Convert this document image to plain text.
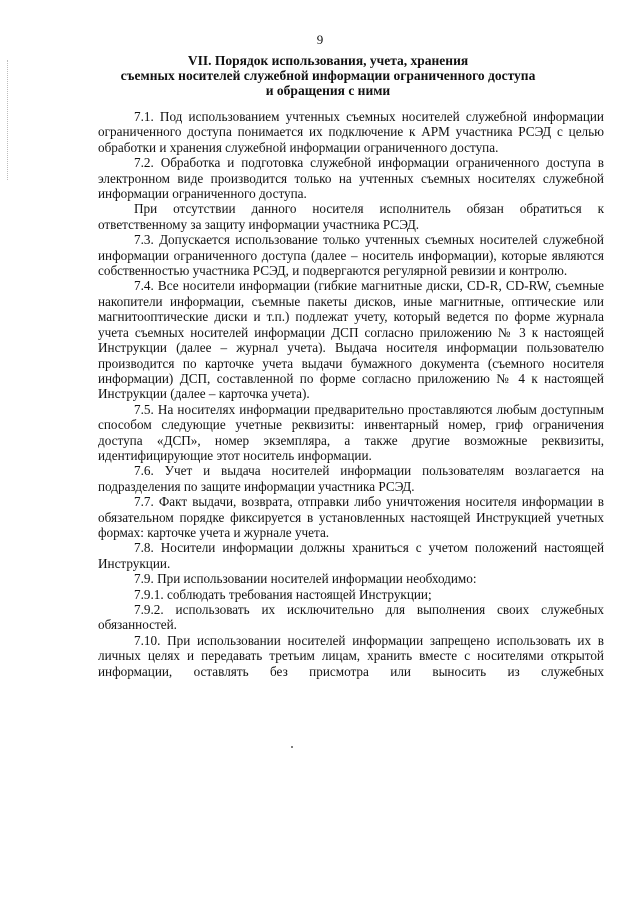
9
VII. Порядок использования, учета, хранения
съемных носителей служебной информации ограниченного доступа
и обращения с ними

7.1. Под использованием учтенных съемных носителей служебной информации ограниченного доступа понимается их подключение к АРМ участника РСЭД с целью обработки и хранения служебной информации ограниченного доступа.

7.2. Обработка и подготовка служебной информации ограниченного доступа в электронном виде производится только на учтенных съемных носителях служебной информации ограниченного доступа.

При отсутствии данного носителя исполнитель обязан обратиться к ответственному за защиту информации участника РСЭД.

7.3. Допускается использование только учтенных съемных носителей служебной информации ограниченного доступа (далее – носитель информации), которые являются собственностью участника РСЭД, и подвергаются регулярной ревизии и контролю.

7.4. Все носители информации (гибкие магнитные диски, CD-R, CD-RW, съемные накопители информации, съемные пакеты дисков, иные магнитные, оптические или магнитооптические диски и т.п.) подлежат учету, который ведется по форме журнала учета съемных носителей информации ДСП согласно приложению № 3 к настоящей Инструкции (далее – журнал учета). Выдача носителя информации пользователю производится по карточке учета выдачи бумажного документа (съемного носителя информации) ДСП, составленной по форме согласно приложению № 4 к настоящей Инструкции (далее – карточка учета).

7.5. На носителях информации предварительно проставляются любым доступным способом следующие учетные реквизиты: инвентарный номер, гриф ограничения доступа «ДСП», номер экземпляра, а также другие возможные реквизиты, идентифицирующие этот носитель информации.

7.6. Учет и выдача носителей информации пользователям возлагается на подразделения по защите информации участника РСЭД.

7.7. Факт выдачи, возврата, отправки либо уничтожения носителя информации в обязательном порядке фиксируется в установленных настоящей Инструкцией учетных формах: карточке учета и журнале учета.

7.8. Носители информации должны храниться с учетом положений настоящей Инструкции.

7.9. При использовании носителей информации необходимо:

7.9.1. соблюдать требования настоящей Инструкции;

7.9.2. использовать их исключительно для выполнения своих служебных обязанностей.

7.10. При использовании носителей информации запрещено использовать их в личных целях и передавать третьим лицам, хранить вместе с носителями открытой информации, оставлять без присмотра или выносить из служебных
